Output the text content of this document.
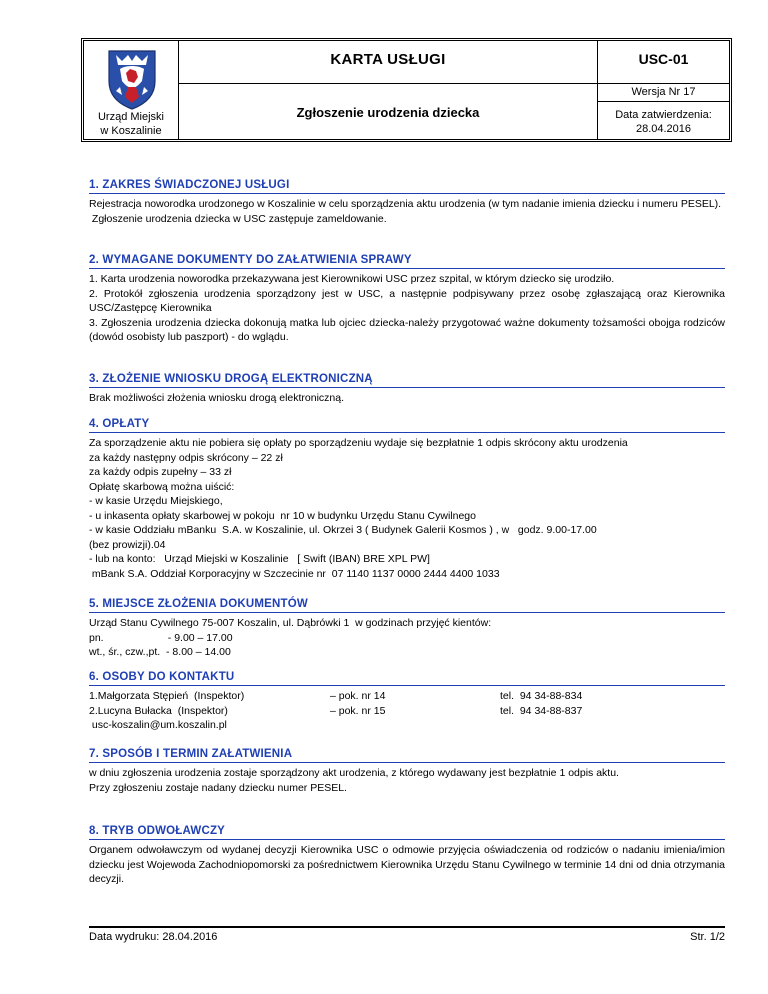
Urząd Miejski
w Koszalinie
KARTA USŁUGI
Zgłoszenie urodzenia dziecka
USC-01
Wersja Nr 17
Data zatwierdzenia:
28.04.2016
1. ZAKRES ŚWIADCZONEJ USŁUGI
Rejestracja noworodka urodzonego w Koszalinie w celu sporządzenia aktu urodzenia (w tym nadanie imienia dziecku i numeru PESEL).
Zgłoszenie urodzenia dziecka w USC zastępuje zameldowanie.
2. WYMAGANE DOKUMENTY DO ZAŁATWIENIA SPRAWY
1. Karta urodzenia noworodka przekazywana jest Kierownikowi USC przez szpital, w którym dziecko się urodziło.
2. Protokół zgłoszenia urodzenia sporządzony jest w USC, a następnie podpisywany przez osobę zgłaszającą oraz Kierownika USC/Zastępcę Kierownika
3. Zgłoszenia urodzenia dziecka dokonują matka lub ojciec dziecka-należy przygotować ważne dokumenty tożsamości obojga rodziców (dowód osobisty lub paszport) - do wglądu.
3. ZŁOŻENIE WNIOSKU DROGĄ ELEKTRONICZNĄ
Brak możliwości złożenia wniosku drogą elektroniczną.
4. OPŁATY
Za sporządzenie aktu nie pobiera się opłaty po sporządzeniu wydaje się bezpłatnie 1 odpis skrócony aktu urodzenia
za każdy następny odpis skrócony – 22 zł
za każdy odpis zupełny – 33 zł
Opłatę skarbową można uiścić:
- w kasie Urzędu Miejskiego,
- u inkasenta opłaty skarbowej w pokoju  nr 10 w budynku Urzędu Stanu Cywilnego
- w kasie Oddziału mBanku  S.A. w Koszalinie, ul. Okrzei 3 ( Budynek Galerii Kosmos ) , w   godz. 9.00-17.00
(bez prowizji).04
- lub na konto:   Urząd Miejski w Koszalinie   [ Swift (IBAN) BRE XPL PW]
mBank S.A. Oddział Korporacyjny w Szczecinie nr  07 1140 1137 0000 2444 4400 1033
5. MIEJSCE ZŁOŻENIA DOKUMENTÓW
Urząd Stanu Cywilnego 75-007 Koszalin, ul. Dąbrówki 1  w godzinach przyjęć kientów:
pn.                      - 9.00 – 17.00
wt., śr., czw.,pt.  - 8.00 – 14.00
6. OSOBY DO KONTAKTU
1.Małgorzata Stępień  (Inspektor)	– pok. nr 14	tel.  94 34-88-834
2.Lucyna Bułacka  (Inspektor)	– pok. nr 15	tel.  94 34-88-837
usc-koszalin@um.koszalin.pl
7. SPOSÓB I TERMIN ZAŁATWIENIA
w dniu zgłoszenia urodzenia zostaje sporządzony akt urodzenia, z którego wydawany jest bezpłatnie 1 odpis aktu.
Przy zgłoszeniu zostaje nadany dziecku numer PESEL.
8. TRYB ODWOŁAWCZY
Organem odwoławczym od wydanej decyzji Kierownika USC o odmowie przyjęcia oświadczenia od rodziców o nadaniu imienia/imion dziecku jest Wojewoda Zachodniopomorski za pośrednictwem Kierownika Urzędu Stanu Cywilnego w terminie 14 dni od dnia otrzymania decyzji.
Data wydruku: 28.04.2016	Str. 1/2
